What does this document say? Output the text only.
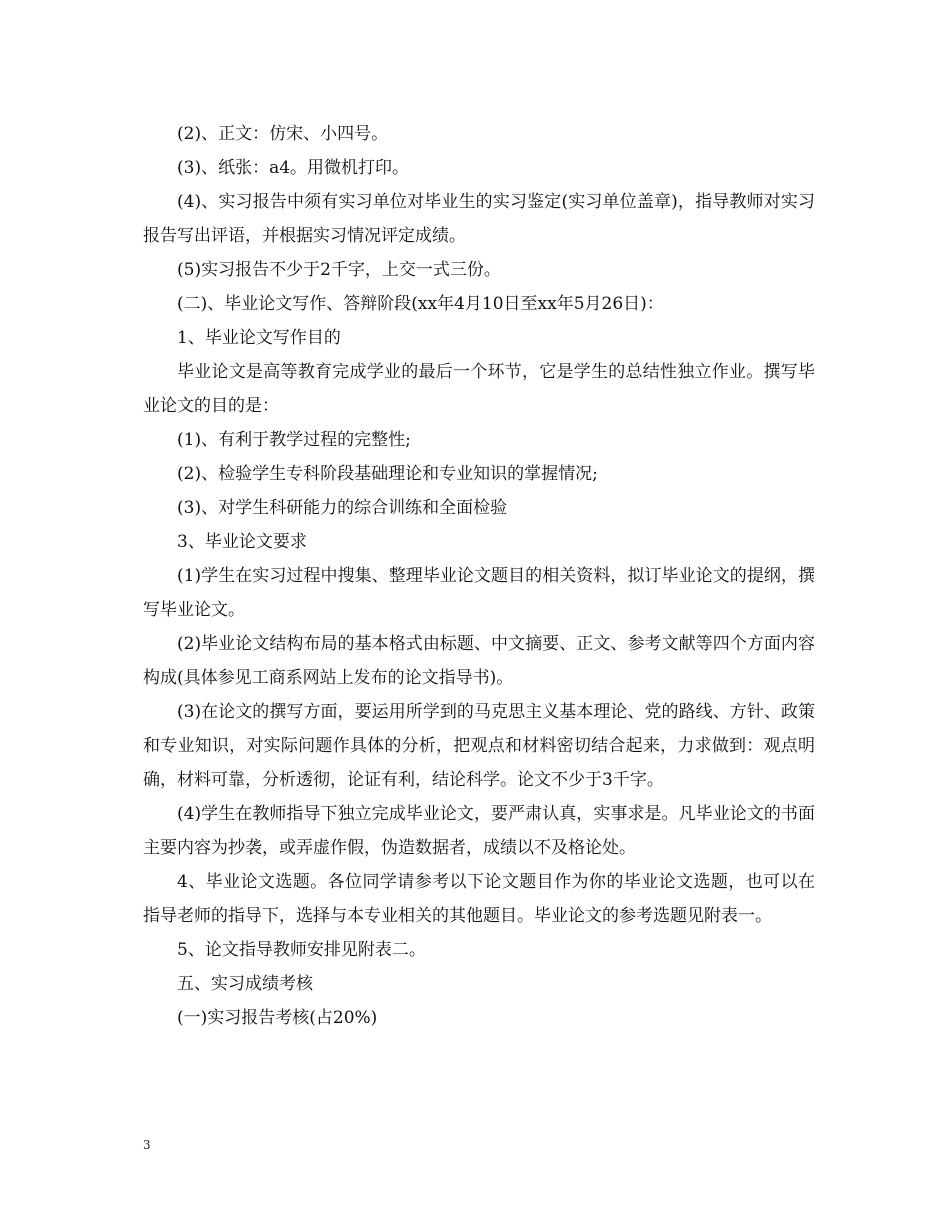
(2)、正文：仿宋、小四号。

(3)、纸张：a4。用微机打印。

(4)、实习报告中须有实习单位对毕业生的实习鉴定(实习单位盖章)，指导教师对实习报告写出评语，并根据实习情况评定成绩。

(5)实习报告不少于2千字，上交一式三份。

(二)、毕业论文写作、答辩阶段(xx年4月10日至xx年5月26日)：

1、毕业论文写作目的

毕业论文是高等教育完成学业的最后一个环节，它是学生的总结性独立作业。撰写毕业论文的目的是：

(1)、有利于教学过程的完整性;

(2)、检验学生专科阶段基础理论和专业知识的掌握情况;

(3)、对学生科研能力的综合训练和全面检验

3、毕业论文要求

(1)学生在实习过程中搜集、整理毕业论文题目的相关资料，拟订毕业论文的提纲，撰写毕业论文。

(2)毕业论文结构布局的基本格式由标题、中文摘要、正文、参考文献等四个方面内容构成(具体参见工商系网站上发布的论文指导书)。

(3)在论文的撰写方面，要运用所学到的马克思主义基本理论、党的路线、方针、政策和专业知识，对实际问题作具体的分析，把观点和材料密切结合起来，力求做到：观点明确，材料可靠，分析透彻，论证有利，结论科学。论文不少于3千字。

(4)学生在教师指导下独立完成毕业论文，要严肃认真，实事求是。凡毕业论文的书面主要内容为抄袭，或弄虚作假，伪造数据者，成绩以不及格论处。

4、毕业论文选题。各位同学请参考以下论文题目作为你的毕业论文选题，也可以在指导老师的指导下，选择与本专业相关的其他题目。毕业论文的参考选题见附表一。

5、论文指导教师安排见附表二。

五、实习成绩考核

(一)实习报告考核(占20%)

3
